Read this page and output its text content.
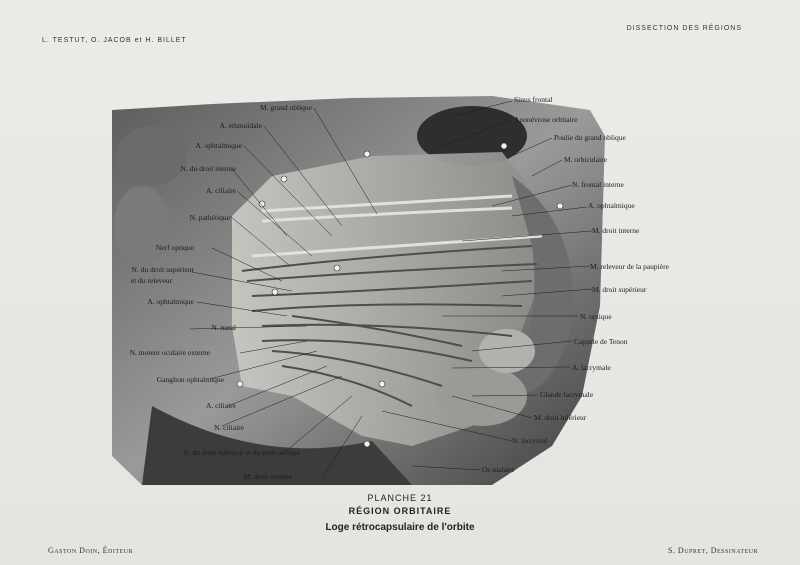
L. TESTUT, O. JACOB et H. BILLET
DISSECTION DES RÉGIONS
M. grand oblique
A. ethmoïdale
A. ophtalmique
N. du droit interne
A. ciliaire
N. pathétique
Nerf optique
N. du droit supérieur
et du releveur
A. ophtalmique
N. nasal
N. moteur oculaire externe
Ganglion ophtalmique
A. ciliaire
N. ciliaire
N. du droit inférieur et du petit oblique
M. droit externe
Sinus frontal
Aponévrose orbitaire
Poulie du grand oblique
M. orbiculaire
N. frontal interne
A. ophtalmique
M. droit interne
M. releveur de la paupière
M. droit supérieur
N. optique
Capsule de Tenon
A. lacrymale
Glande lacrymale
M. droit inférieur
N. lacrymal
Os malaire
PLANCHE 21
RÉGION ORBITAIRE
Loge rétrocapsulaire de l'orbite
Gaston Doin, Éditeur	S. Dupret, Dessinateur
